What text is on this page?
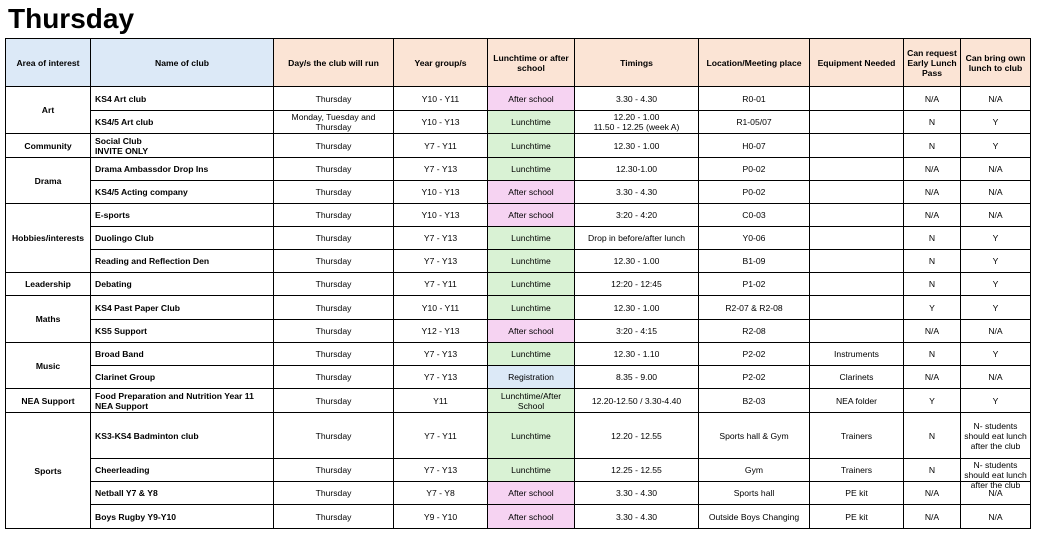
Thursday
Area of interest	Name of club	Day/s the club will run	Year group/s	Lunchtime or after school	Timings	Location/Meeting place	Equipment Needed	Can request Early Lunch Pass	Can bring own lunch to club
Art	KS4 Art club	Thursday	Y10 - Y11	After school	3.30 - 4.30	R0-01		N/A	N/A
	KS4/5 Art club	Monday, Tuesday and Thursday	Y10 - Y13	Lunchtime	12.20 - 1.00
11.50 - 12.25 (week A)	R1-05/07		N	Y
Community	Social Club
INVITE ONLY	Thursday	Y7 - Y11	Lunchtime	12.30 - 1.00	H0-07		N	Y
Drama	Drama Ambassdor Drop Ins	Thursday	Y7 - Y13	Lunchtime	12.30-1.00	P0-02		N/A	N/A
	KS4/5 Acting company	Thursday	Y10 - Y13	After school	3.30 - 4.30	P0-02		N/A	N/A
Hobbies/interests	E-sports	Thursday	Y10 - Y13	After school	3:20 - 4:20	C0-03		N/A	N/A
	Duolingo Club	Thursday	Y7 - Y13	Lunchtime	Drop in before/after lunch	Y0-06		N	Y
	Reading and Reflection Den	Thursday	Y7 - Y13	Lunchtime	12.30 - 1.00	B1-09		N	Y
Leadership	Debating	Thursday	Y7 - Y11	Lunchtime	12:20 - 12:45	P1-02		N	Y
Maths	KS4 Past Paper Club	Thursday	Y10 - Y11	Lunchtime	12.30 - 1.00	R2-07 & R2-08		Y	Y
	KS5 Support	Thursday	Y12 - Y13	After school	3:20 - 4:15	R2-08		N/A	N/A
Music	Broad Band	Thursday	Y7 - Y13	Lunchtime	12.30 - 1.10	P2-02	Instruments	N	Y
	Clarinet Group	Thursday	Y7 - Y13	Registration	8.35 - 9.00	P2-02	Clarinets	N/A	N/A
NEA Support	Food Preparation and Nutrition Year 11 NEA Support	Thursday	Y11	Lunchtime/After School	12.20-12.50 / 3.30-4.40	B2-03	NEA folder	Y	Y
Sports	KS3-KS4 Badminton club	Thursday	Y7 - Y11	Lunchtime	12.20 - 12.55	Sports hall & Gym	Trainers	N	N- students should eat lunch after the club
	Cheerleading	Thursday	Y7 - Y13	Lunchtime	12.25 - 12.55	Gym	Trainers	N	N- students should eat lunch after the club

	Netball Y7 & Y8	Thursday	Y7 - Y8	After school	3.30 - 4.30	Sports hall	PE kit	N/A	N/A
	Boys Rugby Y9-Y10	Thursday	Y9 - Y10	After school	3.30 - 4.30	Outside Boys Changing	PE kit	N/A	N/A
